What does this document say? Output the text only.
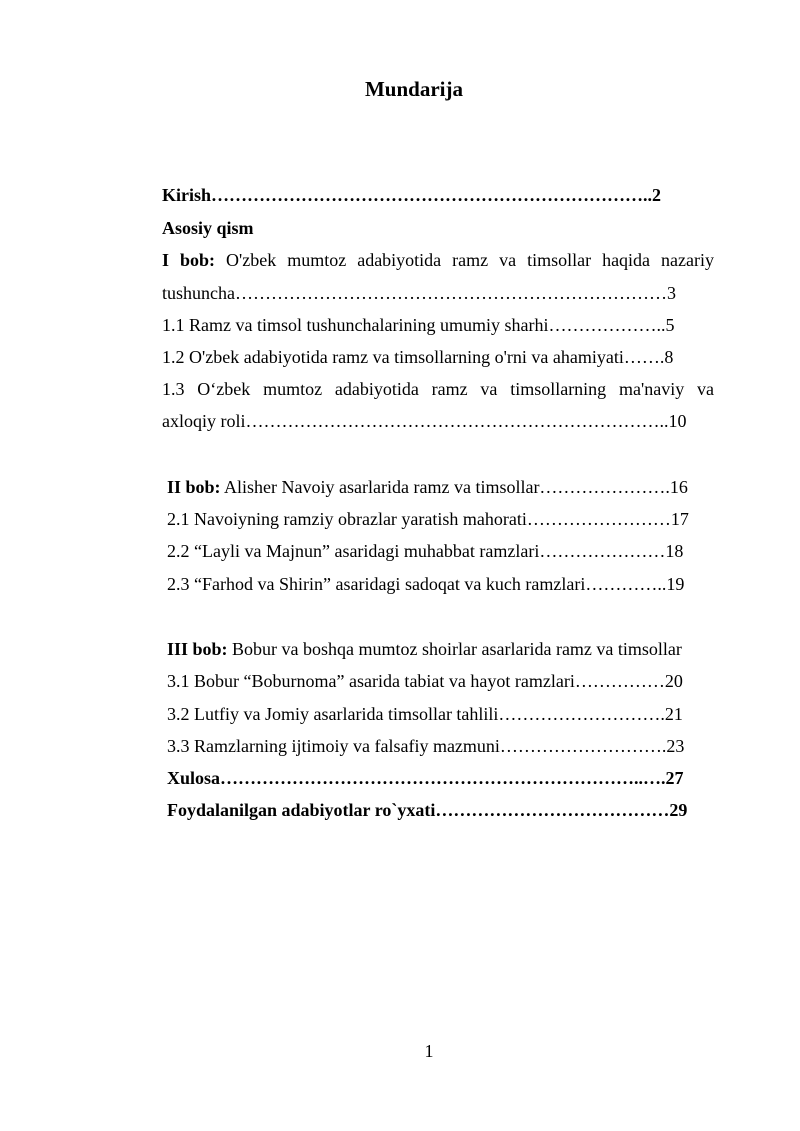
Mundarija
Kirish………………………………………………………………..2
Asosiy qism
I bob: O'zbek mumtoz adabiyotida ramz va timsollar haqida nazariy
tushuncha………………………………………………………………3
1.1 Ramz va timsol tushunchalarining umumiy sharhi………………..5
1.2 O'zbek adabiyotida ramz va timsollarning o'rni va ahamiyati…….8
1.3 O‘zbek mumtoz adabiyotida ramz va timsollarning ma'naviy va
axloqiy roli……………………………………………………………..10
II bob: Alisher Navoiy asarlarida ramz va timsollar………………….16
2.1 Navoiyning ramziy obrazlar yaratish mahorati……………………17
2.2 “Layli va Majnun” asaridagi muhabbat ramzlari…………………18
2.3 “Farhod va Shirin” asaridagi sadoqat va kuch ramzlari…………..19
III bob: Bobur va boshqa mumtoz shoirlar asarlarida ramz va timsollar
3.1 Bobur “Boburnoma” asarida tabiat va hayot ramzlari……………20
3.2 Lutfiy va Jomiy asarlarida timsollar tahlili……………………….21
3.3 Ramzlarning ijtimoiy va falsafiy mazmuni……………………….23
Xulosa……………………………………………………………..….27
Foydalanilgan adabiyotlar ro`yxati…………………………………29
1
